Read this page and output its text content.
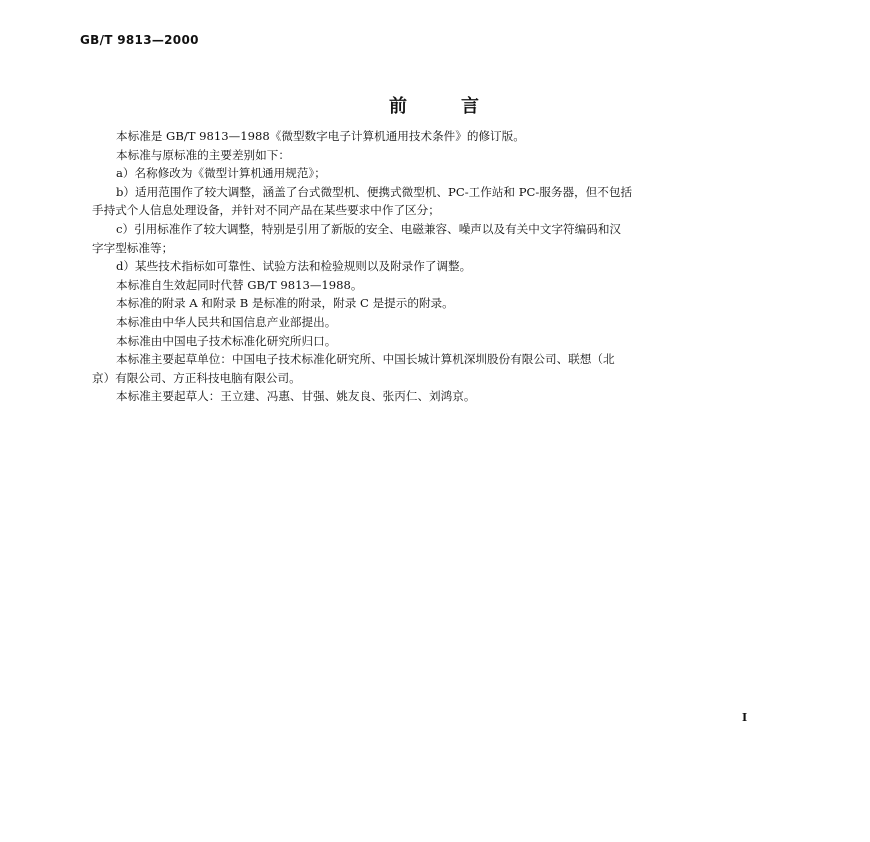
GB/T 9813—2000
前	言

本标准是 GB/T 9813—1988《微型数字电子计算机通用技术条件》的修订版。

本标准与原标准的主要差别如下：

a）名称修改为《微型计算机通用规范》；

b）适用范围作了较大调整，涵盖了台式微型机、便携式微型机、PC-工作站和 PC-服务器，但不包括

手持式个人信息处理设备，并针对不同产品在某些要求中作了区分；

c）引用标准作了较大调整，特别是引用了新版的安全、电磁兼容、噪声以及有关中文字符编码和汉

字字型标准等；

d）某些技术指标如可靠性、试验方法和检验规则以及附录作了调整。

本标准自生效起同时代替 GB/T 9813—1988。

本标准的附录 A 和附录 B 是标准的附录，附录 C 是提示的附录。

本标准由中华人民共和国信息产业部提出。

本标准由中国电子技术标准化研究所归口。

本标准主要起草单位：中国电子技术标准化研究所、中国长城计算机深圳股份有限公司、联想（北

京）有限公司、方正科技电脑有限公司。

本标准主要起草人：王立建、冯惠、甘强、姚友良、张丙仁、刘鸿京。

I
